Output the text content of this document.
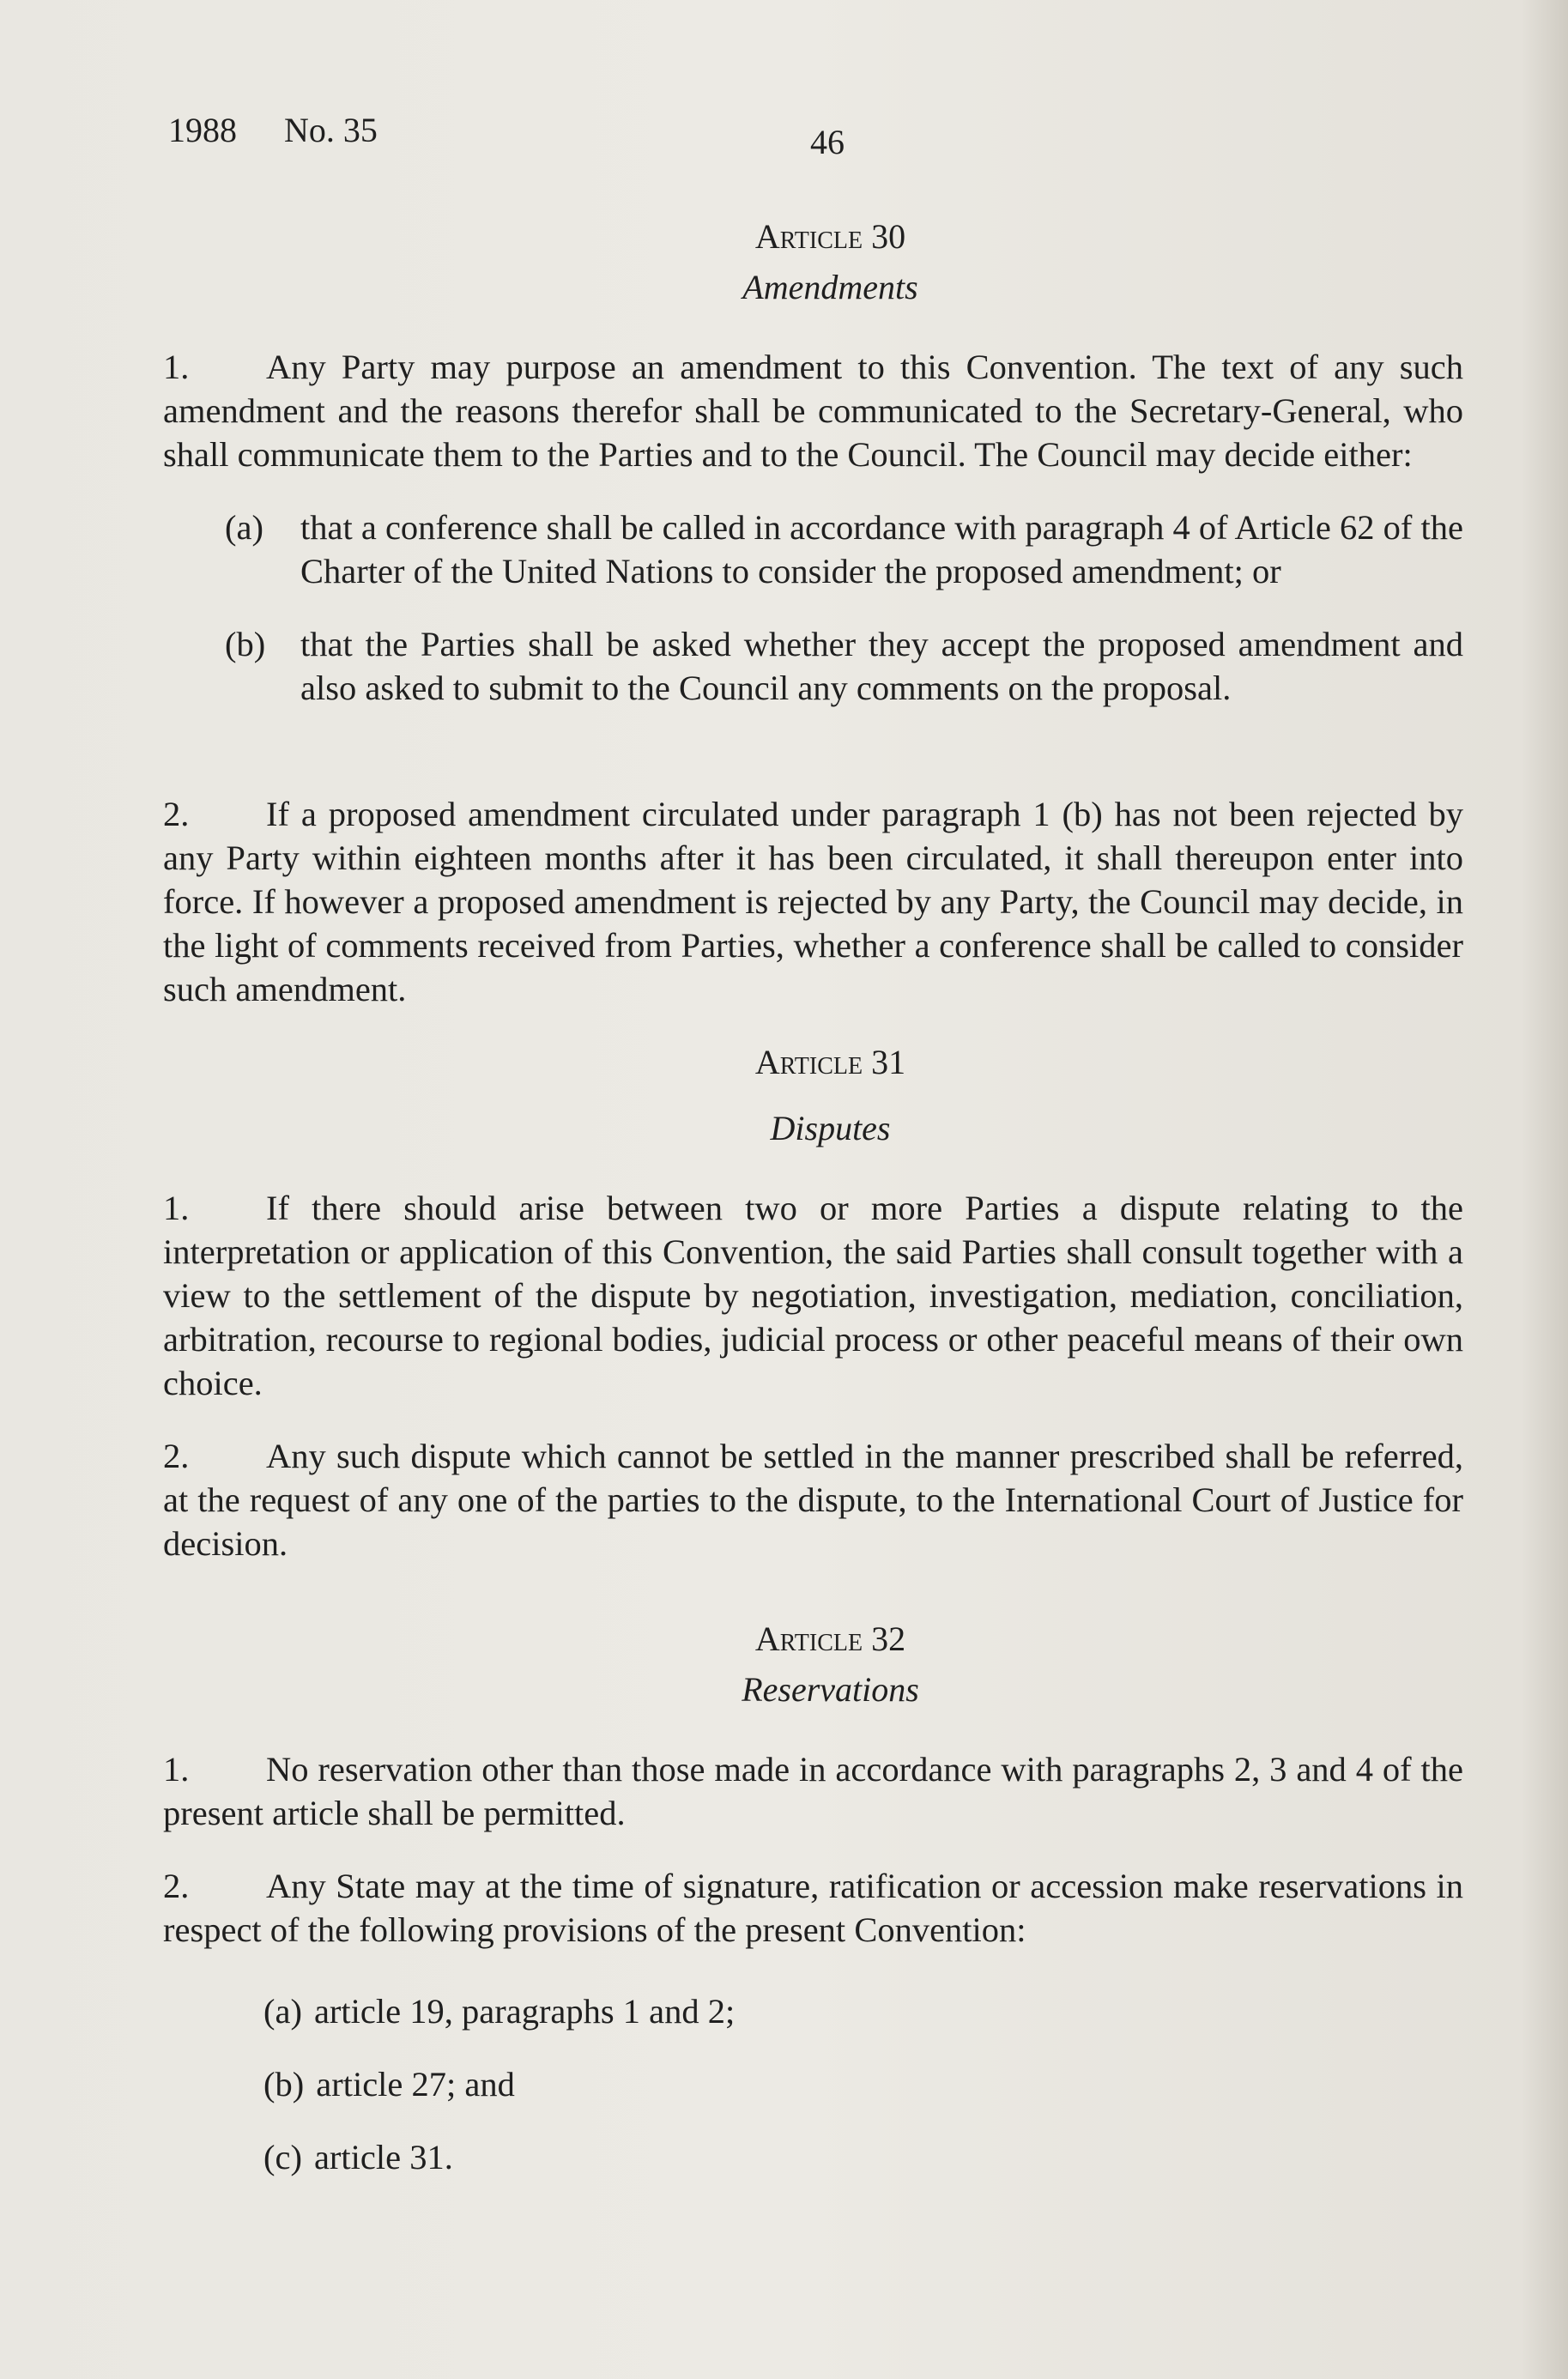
1988 No. 35	46
Article 30
Amendments

1. Any Party may purpose an amendment to this Convention. The text of any such amendment and the reasons therefor shall be communicated to the Secretary-General, who shall communicate them to the Parties and to the Council. The Council may decide either:

(a) that a conference shall be called in accordance with paragraph 4 of Article 62 of the Charter of the United Nations to consider the proposed amendment; or
(b) that the Parties shall be asked whether they accept the proposed amendment and also asked to submit to the Council any comments on the proposal.

2. If a proposed amendment circulated under paragraph 1 (b) has not been rejected by any Party within eighteen months after it has been circulated, it shall thereupon enter into force. If however a proposed amendment is rejected by any Party, the Council may decide, in the light of comments received from Parties, whether a conference shall be called to consider such amendment.

Article 31
Disputes

1. If there should arise between two or more Parties a dispute relating to the interpretation or application of this Convention, the said Parties shall consult together with a view to the settlement of the dispute by negotiation, investigation, mediation, conciliation, arbitration, recourse to regional bodies, judicial process or other peaceful means of their own choice.

2. Any such dispute which cannot be settled in the manner prescribed shall be referred, at the request of any one of the parties to the dispute, to the International Court of Justice for decision.

Article 32
Reservations

1. No reservation other than those made in accordance with paragraphs 2, 3 and 4 of the present article shall be permitted.

2. Any State may at the time of signature, ratification or accession make reservations in respect of the following provisions of the present Convention:

(a) article 19, paragraphs 1 and 2;
(b) article 27; and
(c) article 31.
